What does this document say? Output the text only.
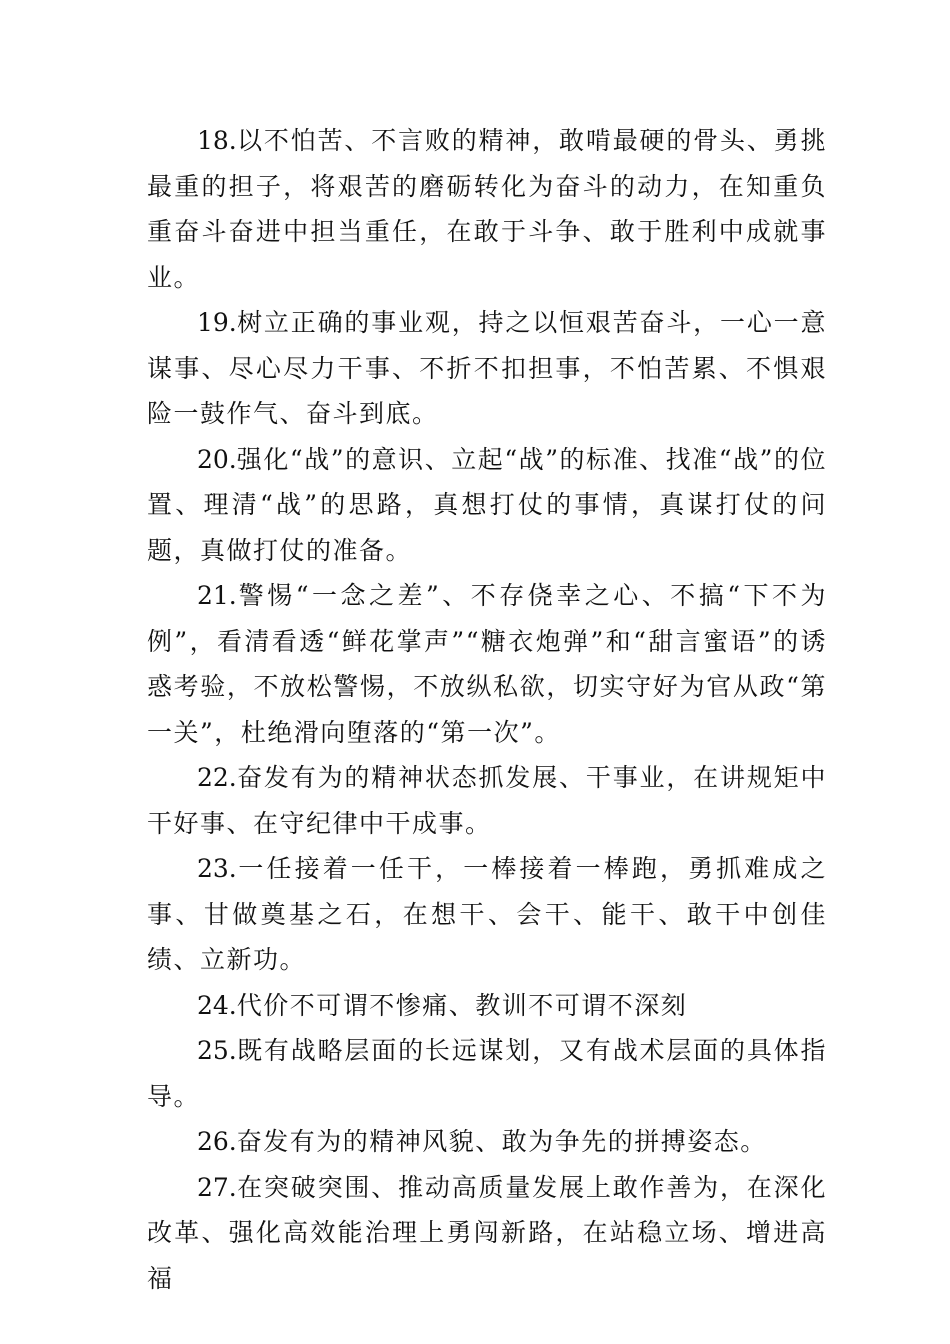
18.以不怕苦、不言败的精神，敢啃最硬的骨头、勇挑最重的担子，将艰苦的磨砺转化为奋斗的动力，在知重负重奋斗奋进中担当重任，在敢于斗争、敢于胜利中成就事业。

19.树立正确的事业观，持之以恒艰苦奋斗，一心一意谋事、尽心尽力干事、不折不扣担事，不怕苦累、不惧艰险一鼓作气、奋斗到底。

20.强化“战”的意识、立起“战”的标准、找准“战”的位置、理清“战”的思路，真想打仗的事情，真谋打仗的问题，真做打仗的准备。

21.警惕“一念之差”、不存侥幸之心、不搞“下不为例”，看清看透“鲜花掌声”“糖衣炮弹”和“甜言蜜语”的诱惑考验，不放松警惕，不放纵私欲，切实守好为官从政“第一关”，杜绝滑向堕落的“第一次”。

22.奋发有为的精神状态抓发展、干事业，在讲规矩中干好事、在守纪律中干成事。

23.一任接着一任干，一棒接着一棒跑，勇抓难成之事、甘做奠基之石，在想干、会干、能干、敢干中创佳绩、立新功。

24.代价不可谓不惨痛、教训不可谓不深刻

25.既有战略层面的长远谋划，又有战术层面的具体指导。

26.奋发有为的精神风貌、敢为争先的拼搏姿态。

27.在突破突围、推动高质量发展上敢作善为，在深化改革、强化高效能治理上勇闯新路，在站稳立场、增进高福
